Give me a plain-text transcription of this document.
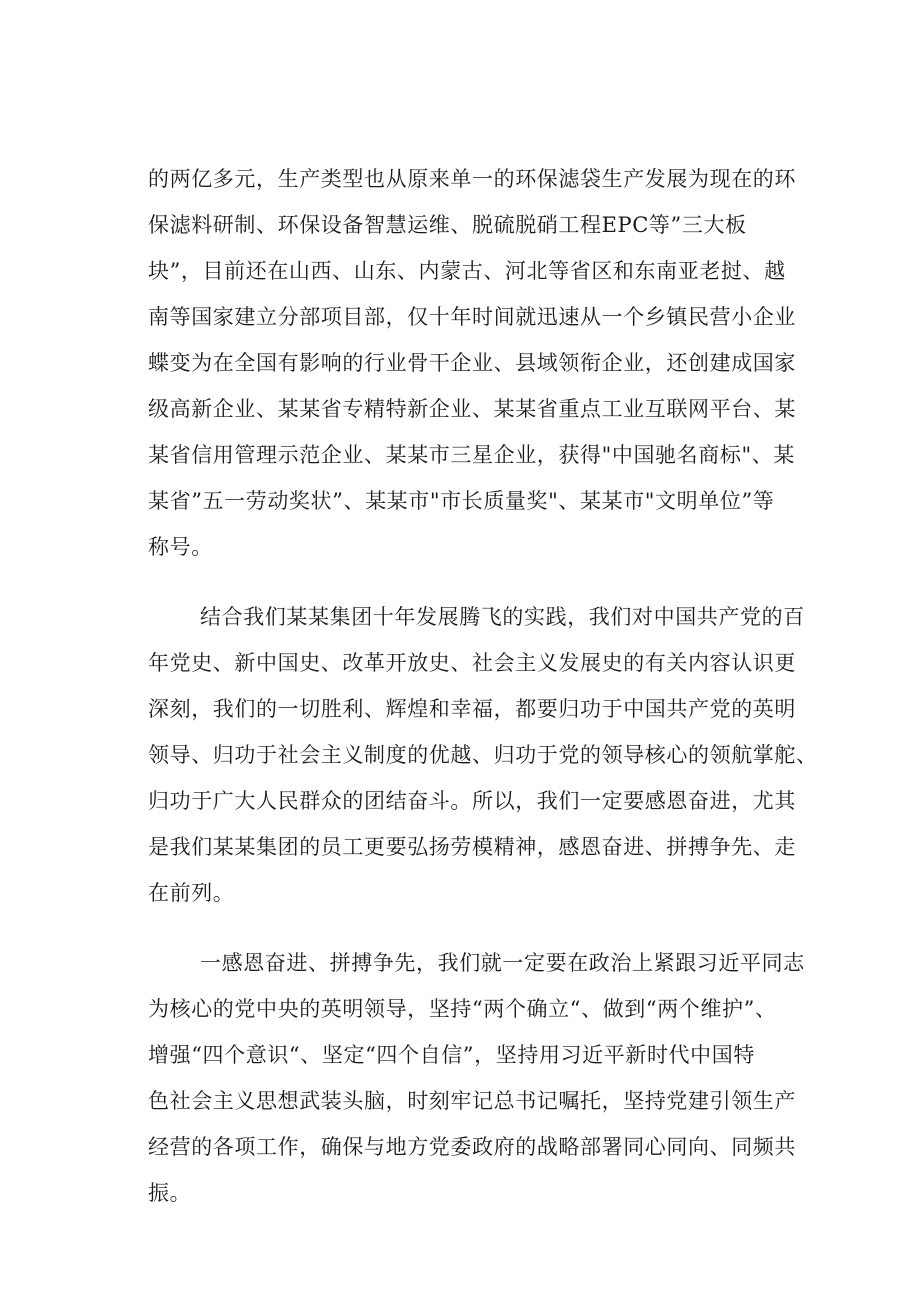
的两亿多元，生产类型也从原来单一的环保滤袋生产发展为现在的环
保滤料研制、环保设备智慧运维、脱硫脱硝工程EPC等”三大板
块”，目前还在山西、山东、内蒙古、河北等省区和东南亚老挝、越
南等国家建立分部项目部，仅十年时间就迅速从一个乡镇民营小企业
蝶变为在全国有影响的行业骨干企业、县域领衔企业，还创建成国家
级高新企业、某某省专精特新企业、某某省重点工业互联网平台、某
某省信用管理示范企业、某某市三星企业，获得"中国驰名商标"、某
某省”五一劳动奖状”、某某市"市长质量奖"、某某市"文明单位”等
称号。
结合我们某某集团十年发展腾飞的实践，我们对中国共产党的百
年党史、新中国史、改革开放史、社会主义发展史的有关内容认识更
深刻，我们的一切胜利、辉煌和幸福，都要归功于中国共产党的英明
领导、归功于社会主义制度的优越、归功于党的领导核心的领航掌舵、
归功于广大人民群众的团结奋斗。所以，我们一定要感恩奋进，尤其
是我们某某集团的员工更要弘扬劳模精神，感恩奋进、拼搏争先、走
在前列。
一感恩奋进、拼搏争先，我们就一定要在政治上紧跟习近平同志
为核心的党中央的英明领导，坚持“两个确立“、做到“两个维护”、
增强“四个意识“、坚定“四个自信”，坚持用习近平新时代中国特
色社会主义思想武装头脑，时刻牢记总书记嘱托，坚持党建引领生产
经营的各项工作，确保与地方党委政府的战略部署同心同向、同频共
振。
